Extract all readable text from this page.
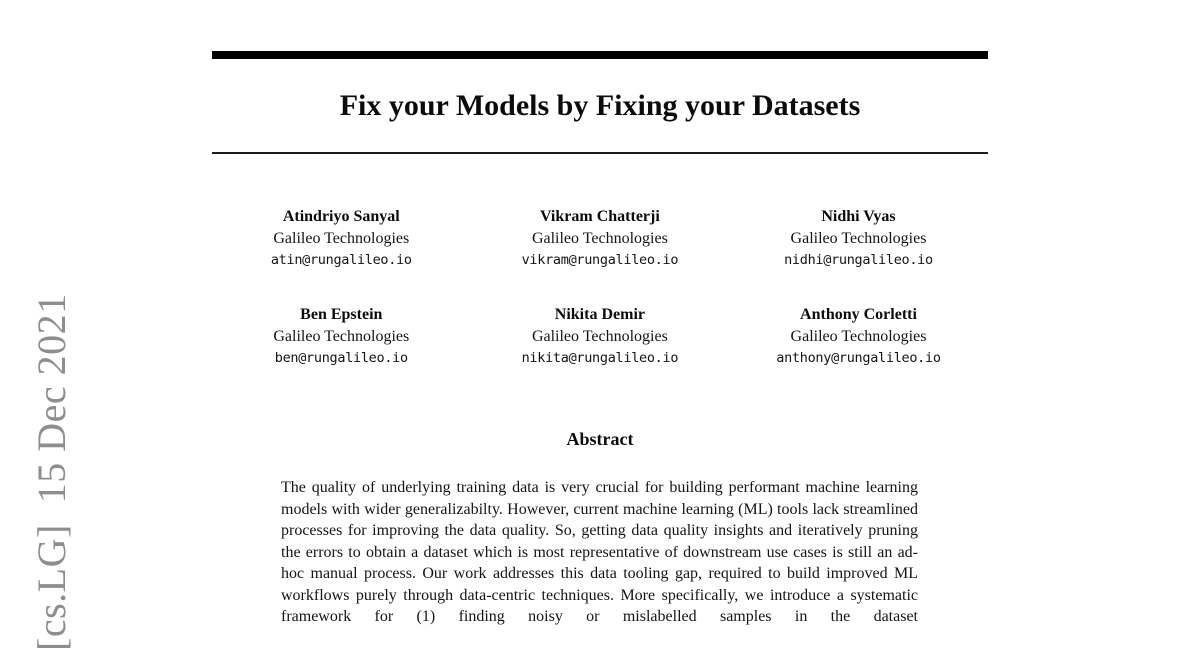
[cs.LG]  15 Dec 2021
Fix your Models by Fixing your Datasets
Atindriyo Sanyal
Galileo Technologies
atin@rungalileo.io
Vikram Chatterji
Galileo Technologies
vikram@rungalileo.io
Nidhi Vyas
Galileo Technologies
nidhi@rungalileo.io
Ben Epstein
Galileo Technologies
ben@rungalileo.io
Nikita Demir
Galileo Technologies
nikita@rungalileo.io
Anthony Corletti
Galileo Technologies
anthony@rungalileo.io
Abstract

The quality of underlying training data is very crucial for building performant machine learning models with wider generalizabilty. However, current machine learning (ML) tools lack streamlined processes for improving the data quality. So, getting data quality insights and iteratively pruning the errors to obtain a dataset which is most representative of downstream use cases is still an ad-hoc manual process. Our work addresses this data tooling gap, required to build improved ML workflows purely through data-centric techniques. More specifically, we introduce a systematic framework for (1) finding noisy or mislabelled samples in the dataset
